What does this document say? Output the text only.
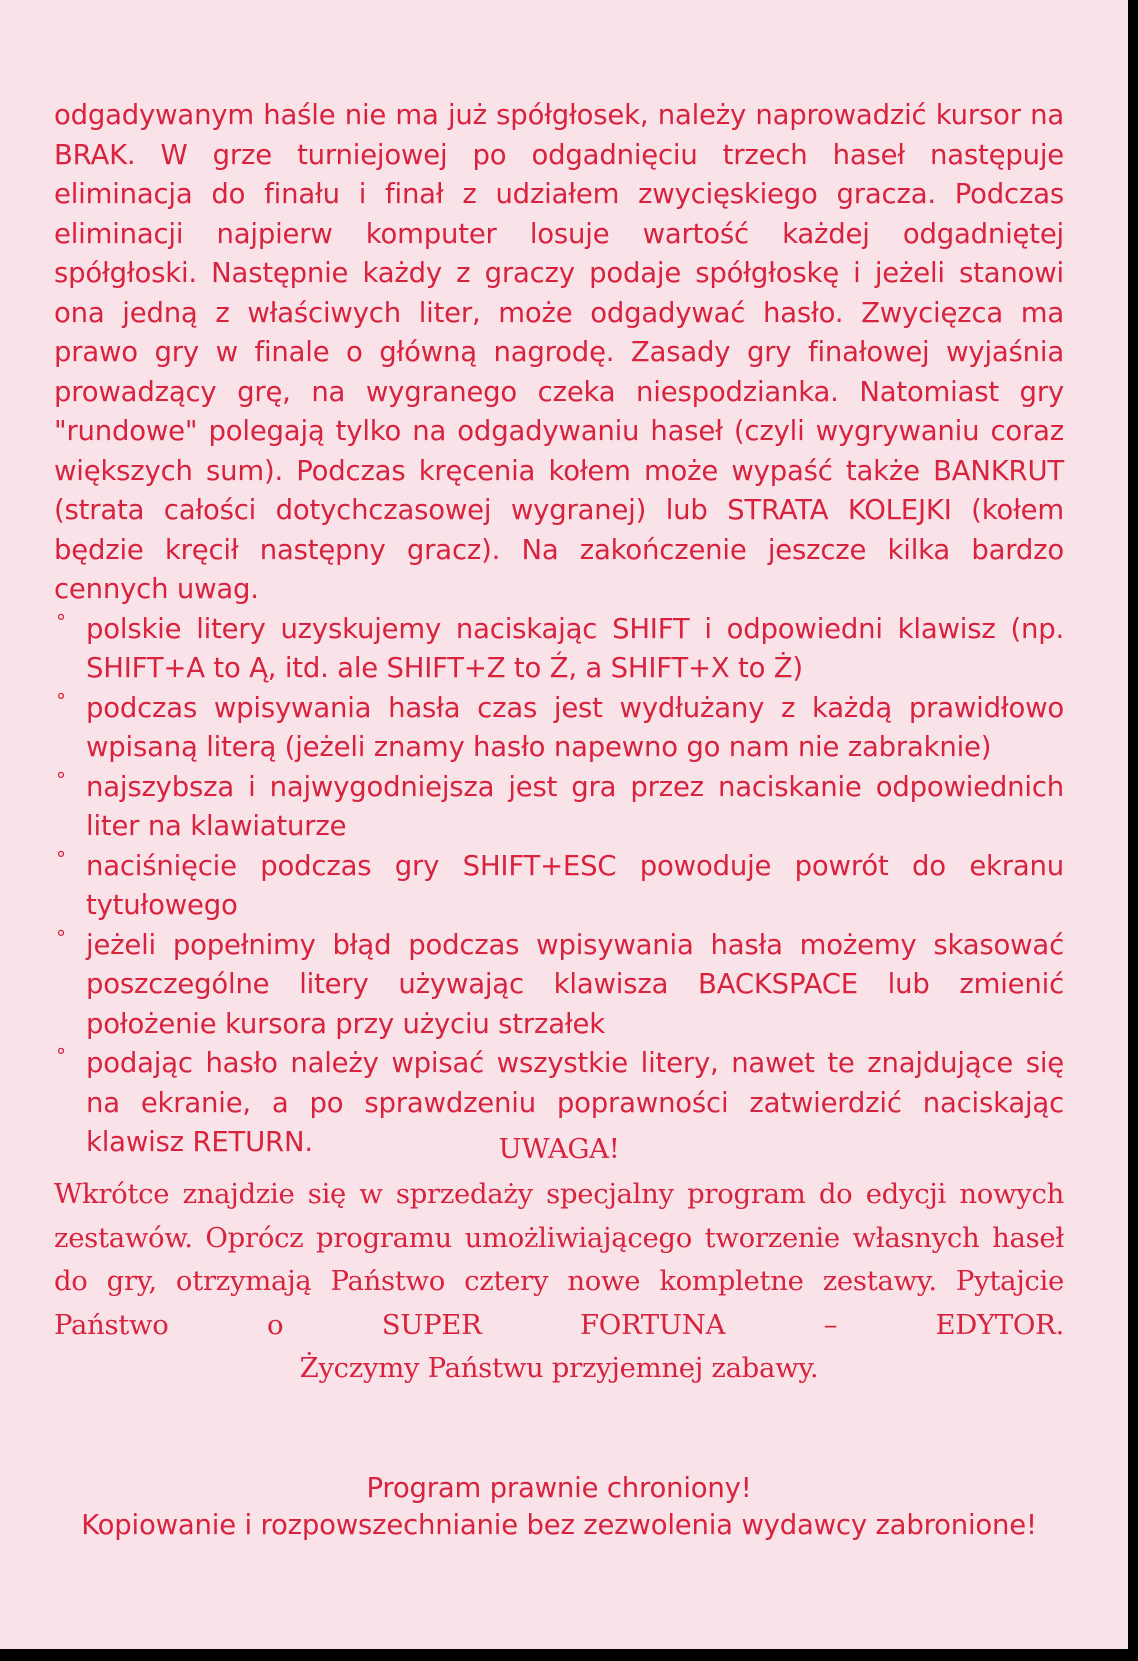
odgadywanym haśle nie ma już spółgłosek, należy naprowadzić kursor na BRAK. W grze turniejowej po odgadnięciu trzech haseł następuje eliminacja do finału i finał z udziałem zwycięskiego gracza. Podczas eliminacji najpierw komputer losuje wartość każdej odgadniętej spółgłoski. Następnie każdy z graczy podaje spółgłoskę i jeżeli stanowi ona jedną z właściwych liter, może odgadywać hasło. Zwycięzca ma prawo gry w finale o główną nagrodę. Zasady gry finałowej wyjaśnia prowadzący grę, na wygranego czeka niespodzianka. Natomiast gry "rundowe" polegają tylko na odgadywaniu haseł (czyli wygrywaniu coraz większych sum). Podczas kręcenia kołem może wypaść także BANKRUT (strata całości dotychczasowej wygranej) lub STRATA KOLEJKI (kołem będzie kręcił następny gracz). Na zakończenie jeszcze kilka bardzo cennych uwag.

° polskie litery uzyskujemy naciskając SHIFT i odpowiedni klawisz (np. SHIFT+A to Ą, itd. ale SHIFT+Z to Ź, a SHIFT+X to Ż)
° podczas wpisywania hasła czas jest wydłużany z każdą prawidłowo wpisaną literą (jeżeli znamy hasło napewno go nam nie zabraknie)
° najszybsza i najwygodniejsza jest gra przez naciskanie odpowiednich liter na klawiaturze
° naciśnięcie podczas gry SHIFT+ESC powoduje powrót do ekranu tytułowego
° jeżeli popełnimy błąd podczas wpisywania hasła możemy skasować poszczególne litery używając klawisza BACKSPACE lub zmienić położenie kursora przy użyciu strzałek
° podając hasło należy wpisać wszystkie litery, nawet te znajdujące się na ekranie, a po sprawdzeniu poprawności zatwierdzić naciskając klawisz RETURN.	UWAGA!

Wkrótce znajdzie się w sprzedaży specjalny program do edycji nowych zestawów. Oprócz programu umożliwiającego tworzenie własnych haseł do gry, otrzymają Państwo cztery nowe kompletne zestawy. Pytajcie Państwo o SUPER FORTUNA – EDYTOR.

Życzymy Państwu przyjemnej zabawy.

Program prawnie chroniony!

Kopiowanie i rozpowszechnianie bez zezwolenia wydawcy zabronione!
